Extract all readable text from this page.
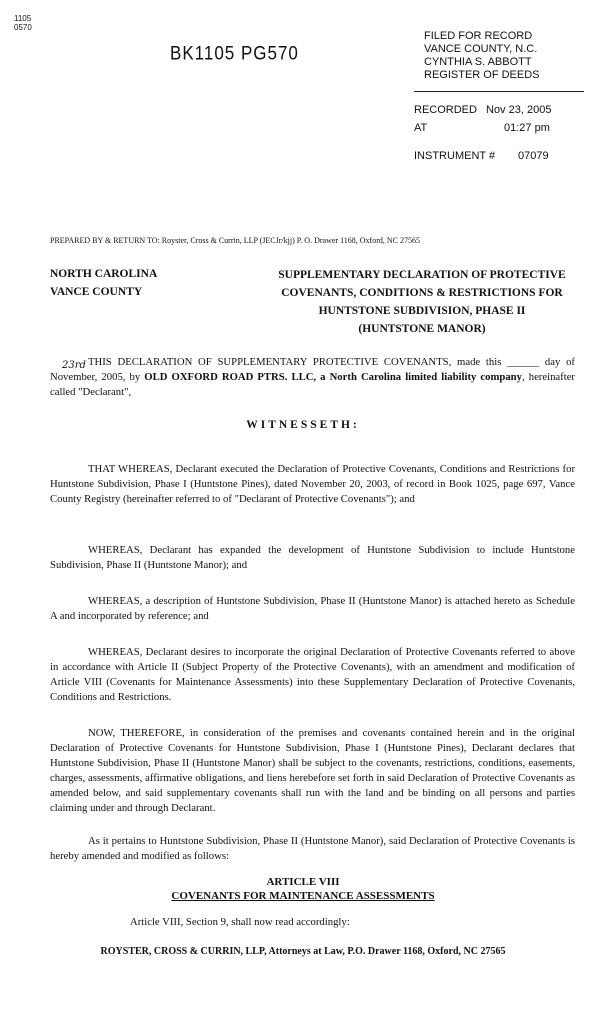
1105
0570
BK1105 PG570
FILED FOR RECORD
VANCE COUNTY, N.C.
CYNTHIA S. ABBOTT
REGISTER OF DEEDS
RECORDED Nov 23, 2005
AT	01:27 pm
INSTRUMENT # 07079
PREPARED BY & RETURN TO: Royster, Cross & Currin, LLP (JECJr/kjj) P. O. Drawer 1168, Oxford, NC 27565
NORTH CAROLINA
VANCE COUNTY
SUPPLEMENTARY DECLARATION OF PROTECTIVE
COVENANTS, CONDITIONS & RESTRICTIONS FOR
HUNTSTONE SUBDIVISION, PHASE II
(HUNTSTONE MANOR)
23rd THIS DECLARATION OF SUPPLEMENTARY PROTECTIVE COVENANTS, made this ______ day of November, 2005, by OLD OXFORD ROAD PTRS. LLC, a North Carolina limited liability company, hereinafter called "Declarant",

WITNESSETH:

THAT WHEREAS, Declarant executed the Declaration of Protective Covenants, Conditions and Restrictions for Huntstone Subdivision, Phase I (Huntstone Pines), dated November 20, 2003, of record in Book 1025, page 697, Vance County Registry (hereinafter referred to of "Declarant of Protective Covenants"); and

WHEREAS, Declarant has expanded the development of Huntstone Subdivision to include Huntstone Subdivision, Phase II (Huntstone Manor); and

WHEREAS, a description of Huntstone Subdivision, Phase II (Huntstone Manor) is attached hereto as Schedule A and incorporated by reference; and

WHEREAS, Declarant desires to incorporate the original Declaration of Protective Covenants referred to above in accordance with Article II (Subject Property of the Protective Covenants), with an amendment and modification of Article VIII (Covenants for Maintenance Assessments) into these Supplementary Declaration of Protective Covenants, Conditions and Restrictions.

NOW, THEREFORE, in consideration of the premises and covenants contained herein and in the original Declaration of Protective Covenants for Huntstone Subdivision, Phase I (Huntstone Pines), Declarant declares that Huntstone Subdivision, Phase II (Huntstone Manor) shall be subject to the covenants, restrictions, conditions, easements, charges, assessments, affirmative obligations, and liens herebefore set forth in said Declaration of Protective Covenants as amended below, and said supplementary covenants shall run with the land and be binding on all persons and parties claiming under and through Declarant.

As it pertains to Huntstone Subdivision, Phase II (Huntstone Manor), said Declaration of Protective Covenants is hereby amended and modified as follows:

ARTICLE VIII
COVENANTS FOR MAINTENANCE ASSESSMENTS
Article VIII, Section 9, shall now read accordingly:
ROYSTER, CROSS & CURRIN, LLP, Attorneys at Law, P.O. Drawer 1168, Oxford, NC 27565
